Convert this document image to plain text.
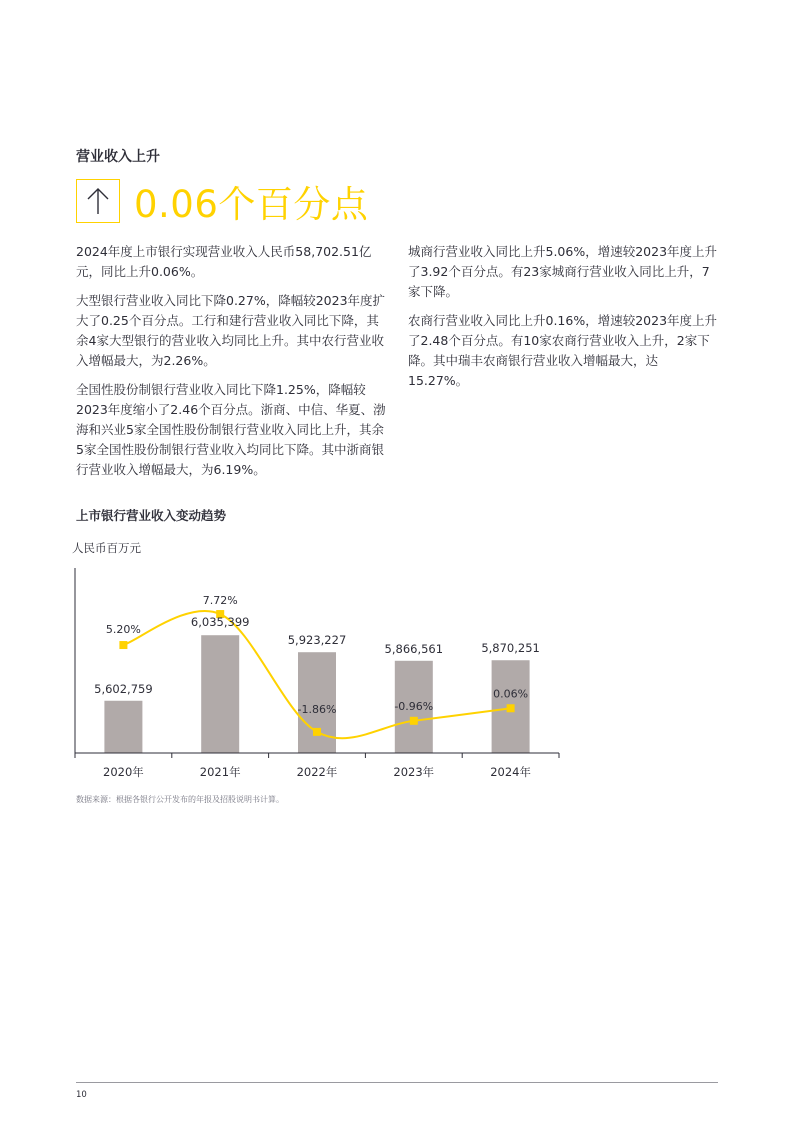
营业收入上升
0.06个百分点

2024年度上市银行实现营业收入人民币58,702.51亿元，同比上升0.06%。

大型银行营业收入同比下降0.27%，降幅较2023年度扩大了0.25个百分点。工行和建行营业收入同比下降，其余4家大型银行的营业收入均同比上升。其中农行营业收入增幅最大，为2.26%。

全国性股份制银行营业收入同比下降1.25%，降幅较2023年度缩小了2.46个百分点。浙商、中信、华夏、渤海和兴业5家全国性股份制银行营业收入同比上升，其余5家全国性股份制银行营业收入均同比下降。其中浙商银行营业收入增幅最大，为6.19%。

城商行营业收入同比上升5.06%，增速较2023年度上升了3.92个百分点。有23家城商行营业收入同比上升，7家下降。

农商行营业收入同比上升0.16%，增速较2023年度上升了2.48个百分点。有10家农商行营业收入上升，2家下降。其中瑞丰农商银行营业收入增幅最大，达15.27%。

上市银行营业收入变动趋势
人民币百万元
5,602,759
6,035,399
5,923,227
5,866,561	5,870,251
5.20%
7.72%
-1.86%	-0.96%
0.06%
2020年	2021年	2022年	2023年	2024年
数据来源：根据各银行公开发布的年报及招股说明书计算。
10
